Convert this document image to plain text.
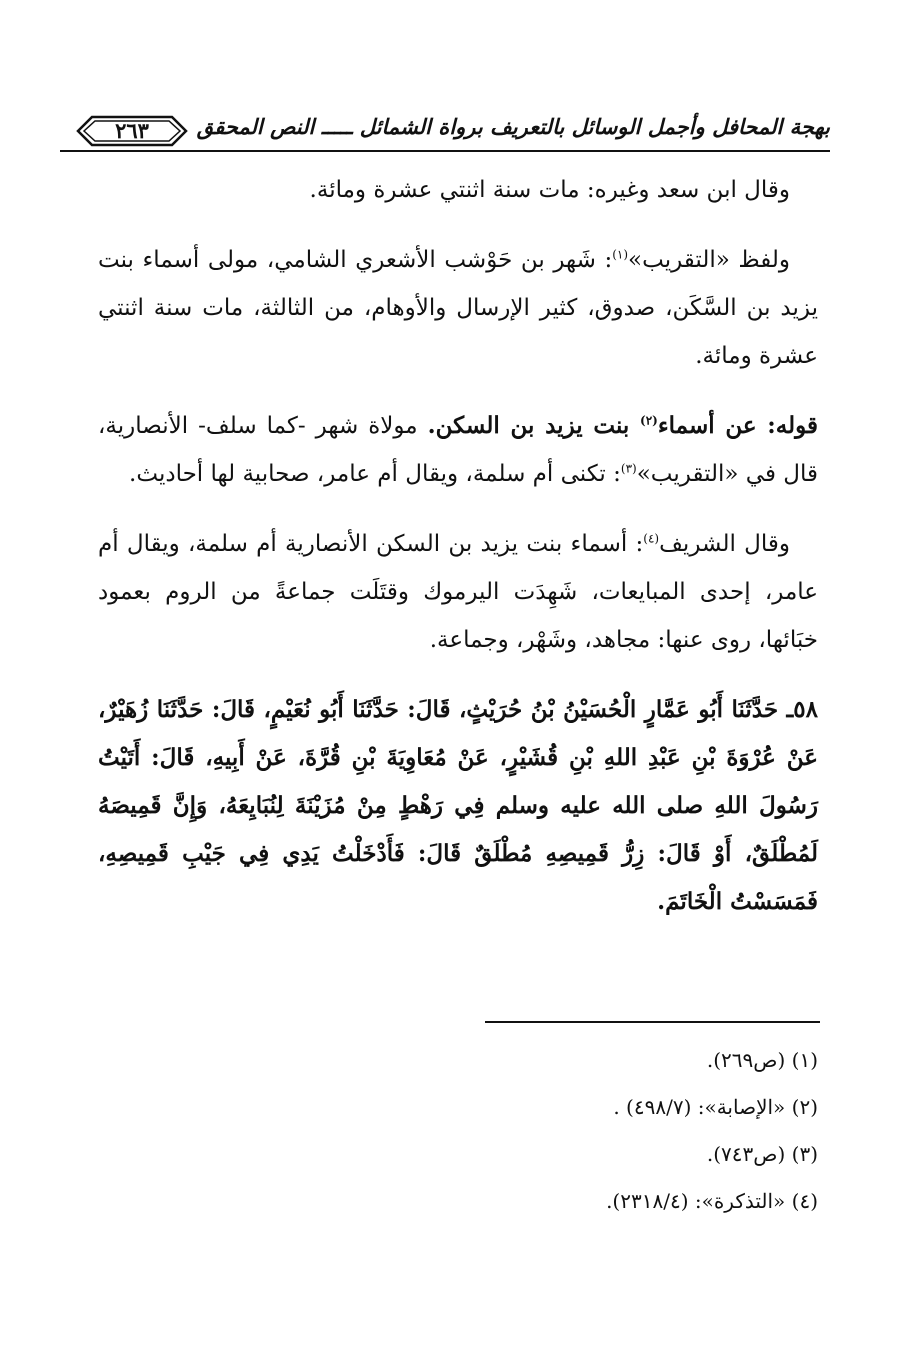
بهجة المحافل وأجمل الوسائل بالتعريف برواة الشمائل ـــــ النص المحقق
٢٦٣

وقال ابن سعد وغيره: مات سنة اثنتي عشرة ومائة.

ولفظ «التقريب»$^{(١)}$: شَهر بن حَوْشب الأشعري الشامي، مولى أسماء بنت يزيد بن السَّكَن، صدوق، كثير الإرسال والأوهام، من الثالثة، مات سنة اثنتي عشرة ومائة.

قوله: عن أسماء$^{(٢)}$ بنت يزيد بن السكن. مولاة شهر -كما سلف- الأنصارية، قال في «التقريب»$^{(٣)}$: تكنى أم سلمة، ويقال أم عامر، صحابية لها أحاديث.

وقال الشريف$^{(٤)}$: أسماء بنت يزيد بن السكن الأنصارية أم سلمة، ويقال أم عامر، إحدى المبايعات، شَهِدَت اليرموك وقتَلَت جماعةً من الروم بعمود خبَائها، روى عنها: مجاهد، وشَهْر، وجماعة.

٥٨ـ حَدَّثَنَا أَبُو عَمَّارٍ الْحُسَيْنُ بْنُ حُرَيْثٍ، قَالَ: حَدَّثَنَا أَبُو نُعَيْمٍ، قَالَ: حَدَّثَنَا زُهَيْرٌ، عَنْ عُرْوَةَ بْنِ عَبْدِ اللهِ بْنِ قُشَيْرٍ، عَنْ مُعَاوِيَةَ بْنِ قُرَّةَ، عَنْ أَبِيهِ، قَالَ: أَتَيْتُ رَسُولَ اللهِ صلى الله عليه وسلم فِي رَهْطٍ مِنْ مُزَيْنَةَ لِنُبَايِعَهُ، وَإِنَّ قَمِيصَهُ لَمُطْلَقٌ، أَوْ قَالَ: زِرُّ قَمِيصِهِ مُطْلَقٌ قَالَ: فَأَدْخَلْتُ يَدِي فِي جَيْبِ قَمِيصِهِ، فَمَسَسْتُ الْخَاتَمَ.

(١) (ص٢٦٩).
(٢) «الإصابة»: (٤٩٨/٧) .
(٣) (ص٧٤٣).
(٤) «التذكرة»: (٢٣١٨/٤).
